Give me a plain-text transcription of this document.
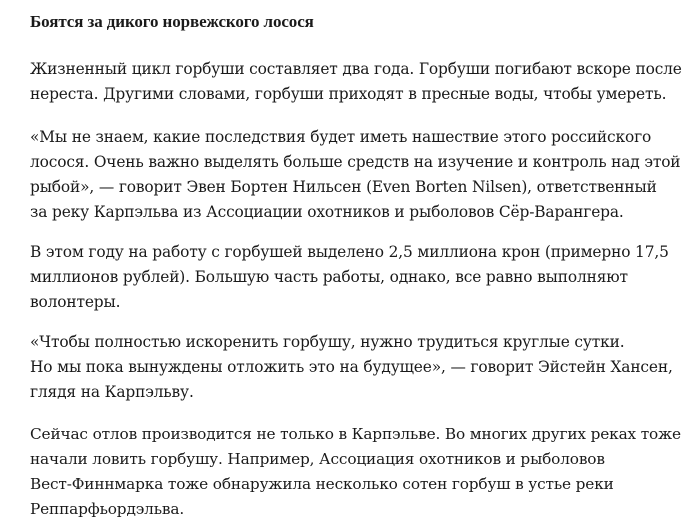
Боятся за дикого норвежского лосося

Жизненный цикл горбуши составляет два года. Горбуши погибают вскоре после
нереста. Другими словами, горбуши приходят в пресные воды, чтобы умереть.

«Мы не знаем, какие последствия будет иметь нашествие этого российского
лосося. Очень важно выделять больше средств на изучение и контроль над этой
рыбой», — говорит Эвен Бортен Нильсен (Even Borten Nilsen), ответственный
за реку Карпэльва из Ассоциации охотников и рыболовов Сёр-Варангера.

В этом году на работу с горбушей выделено 2,5 миллиона крон (примерно 17,5
миллионов рублей). Большую часть работы, однако, все равно выполняют
волонтеры.

«Чтобы полностью искоренить горбушу, нужно трудиться круглые сутки.
Но мы пока вынуждены отложить это на будущее», — говорит Эйстейн Хансен,
глядя на Карпэльву.

Сейчас отлов производится не только в Карпэльве. Во многих других реках тоже
начали ловить горбушу. Например, Ассоциация охотников и рыболовов
Вест-Финнмарка тоже обнаружила несколько сотен горбуш в устье реки
Реппарфьордэльва.
